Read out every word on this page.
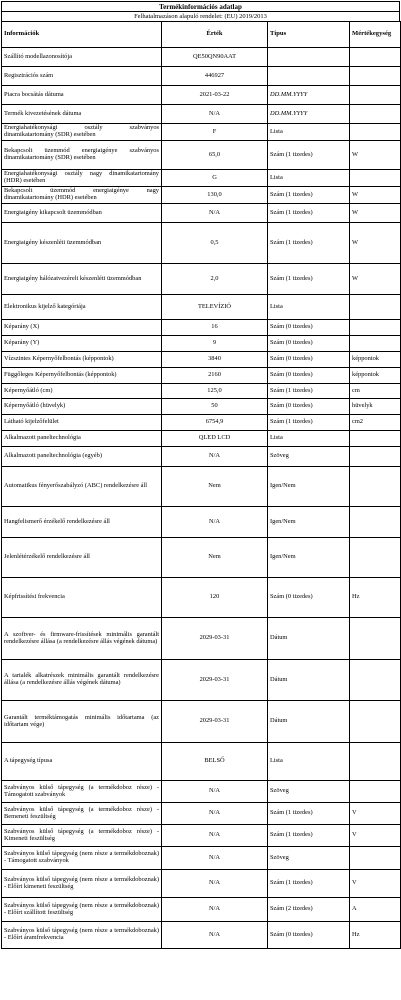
Termékinformációs adatlap
Felhatalmazáson alapuló rendelet: (EU) 2019/2013
Információk	Érték	Típus	Mértékegység
Szállító modellazonosítója	QE50QN90AAT		
Regisztrációs szám	446927		
Piacra bocsátás dátuma	2021-03-22	DD.MM.YYYY	
Termék kivezetésének dátuma	N/A	DD.MM.YYYY	
Energiahatékonysági osztály szabványos dinamikatartomány (SDR) esetében	F	Lista	
Bekapcsolt üzemmód energiaigénye szabványos dinamikatartomány (SDR) esetében	65,0	Szám (1 tizedes)	W
Energiahatékonysági osztály nagy dinamikatartomány (HDR) esetében	G	Lista	
Bekapcsolt üzemmód energiaigénye nagy dinamikatartomány (HDR) esetében	130,0	Szám (1 tizedes)	W
Energiaigény kikapcsolt üzemmódban	N/A	Szám (1 tizedes)	W
Energiaigény készenléti üzemmódban	0,5	Szám (1 tizedes)	W
Energiaigény hálózatvezérelt készenléti üzemmódban	2,0	Szám (1 tizedes)	W
Elektronikus kijelző kategóriája	TELEVÍZIÓ	Lista	
Képarány (X)	16	Szám (0 tizedes)	
Képarány (Y)	9	Szám (0 tizedes)	
Vízszintes Képernyőfelbontás (képpontok)	3840	Szám (0 tizedes)	képpontok
Függőleges Képernyőfelbontás (képpontok)	2160	Szám (0 tizedes)	képpontok
Képernyőátló (cm)	125,0	Szám (1 tizedes)	cm
Képernyőátló (hüvelyk)	50	Szám (0 tizedes)	hüvelyk
Látható kijelzőfelület	6754,9	Szám (1 tizedes)	cm2
Alkalmazott paneltechnológia	QLED LCD	Lista	
Alkalmazott paneltechnológia (egyéb)	N/A	Szöveg	
Automatikus fényerőszabályzó (ABC) rendelkezésre áll	Nem	Igen/Nem	
Hangfelismerő érzékelő rendelkezésre áll	N/A	Igen/Nem	
Jelenlétérzékelő rendelkezésre áll	Nem	Igen/Nem	
Képfrissítési frekvencia	120	Szám (0 tizedes)	Hz
A szoftver- és firmware-frissítések minimális garantált rendelkezésre állása (a rendelkezésre állás végének dátuma)	2029-03-31	Dátum	
A tartalék alkatrészek minimális garantált rendelkezésre állása (a rendelkezésre állás végének dátuma)	2029-03-31	Dátum	
Garantált terméktámogatás minimális időtartama (az időtartam vége)	2029-03-31	Dátum	
A tápegység típusa	BELSŐ	Lista	
Szabványos külső tápegység (a termékdoboz része) - Támogatott szabványok	N/A	Szöveg	
Szabványos külső tápegység (a termékdoboz része) - Bemeneti feszültség	N/A	Szám (1 tizedes)	V
Szabványos külső tápegység (a termékdoboz része) - Kimeneti feszültség	N/A	Szám (1 tizedes)	V
Szabványos külső tápegység (nem része a termékdoboznak) - Támogatott szabványok	N/A	Szöveg	
Szabványos külső tápegység (nem része a termékdoboznak) - Előírt kimeneti feszültség	N/A	Szám (1 tizedes)	V
Szabványos külső tápegység (nem része a termékdoboznak) - Előírt szállított feszültség	N/A	Szám (2 tizedes)	A
Szabványos külső tápegység (nem része a termékdoboznak) - Előírt áramfrekvencia	N/A	Szám (0 tizedes)	Hz
